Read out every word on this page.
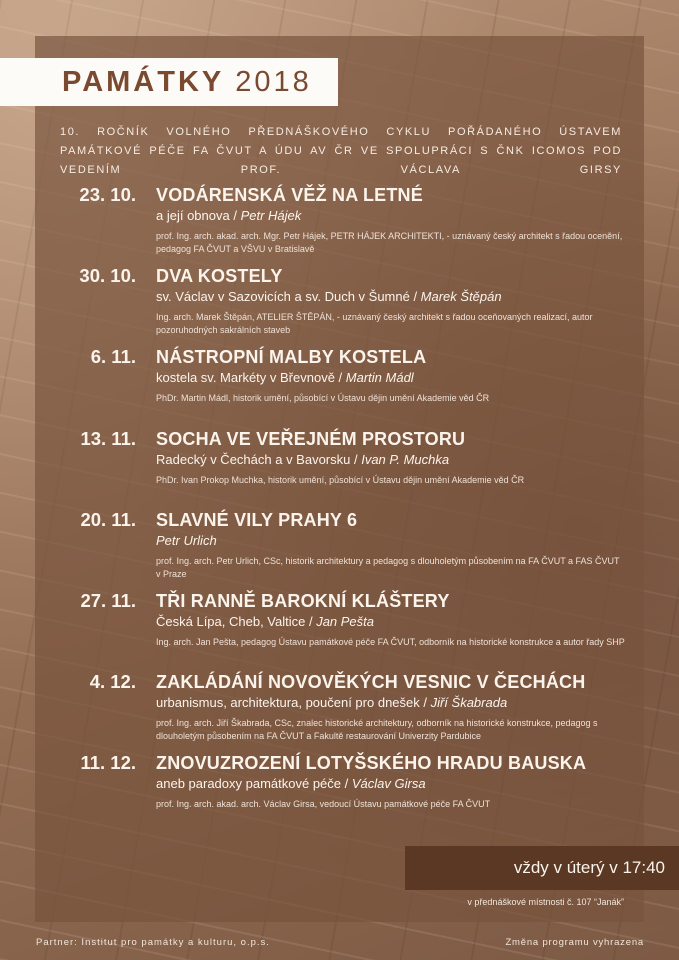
PAMÁTKY 2018

10. ROČNÍK VOLNÉHO PŘEDNÁŠKOVÉHO CYKLU POŘÁDANÉHO ÚSTAVEM PAMÁTKOVÉ PÉČE FA ČVUT A ÚDU AV ČR VE SPOLUPRÁCI S ČNK ICOMOS POD VEDENÍM PROF. VÁCLAVA GIRSY

23. 10. VODÁRENSKÁ VĚŽ NA LETNÉ
a její obnova / Petr Hájek

prof. Ing. arch. akad. arch. Mgr. Petr Hájek, PETR HÁJEK ARCHITEKTI, - uznávaný český architekt s řadou ocenění, pedagog FA ČVUT a VŠVU v Bratislavě

30. 10. DVA KOSTELY
sv. Václav v Sazovicích a sv. Duch v Šumné / Marek Štěpán

Ing. arch. Marek Štěpán, ATELIER ŠTĚPÁN, - uznávaný český architekt s řadou oceňovaných realizací, autor pozoruhodných sakrálních staveb

6. 11. NÁSTROPNÍ MALBY KOSTELA
kostela sv. Markéty v Břevnově / Martin Mádl

PhDr. Martin Mádl, historik umění, působící v Ústavu dějin umění Akademie věd ČR

13. 11. SOCHA VE VEŘEJNÉM PROSTORU
Radecký v Čechách a v Bavorsku / Ivan P. Muchka

PhDr. Ivan Prokop Muchka, historik umění, působící v Ústavu dějin umění Akademie věd ČR

20. 11. SLAVNÉ VILY PRAHY 6
Petr Urlich

prof. Ing. arch. Petr Urlich, CSc, historik architektury a pedagog s dlouholetým působením na FA ČVUT a FAS ČVUT v Praze

27. 11. TŘI RANNĚ BAROKNÍ KLÁŠTERY
Česká Lípa, Cheb, Valtice / Jan Pešta

Ing. arch. Jan Pešta, pedagog Ústavu památkové péče FA ČVUT, odborník na historické konstrukce a autor řady SHP

4. 12. ZAKLÁDÁNÍ NOVOVĚKÝCH VESNIC V ČECHÁCH
urbanismus, architektura, poučení pro dnešek / Jiří Škabrada

prof. Ing. arch. Jiří Škabrada, CSc, znalec historické architektury, odborník na historické konstrukce, pedagog s dlouholetým působením na FA ČVUT a Fakultě restaurování Univerzity Pardubice

11. 12. ZNOVUZROZENÍ LOTYŠSKÉHO HRADU BAUSKA
aneb paradoxy památkové péče / Václav Girsa

prof. Ing. arch. akad. arch. Václav Girsa, vedoucí Ústavu památkové péče FA ČVUT

vždy v úterý v 17:40
v přednáškové místnosti č. 107 “Janák”
Partner: Institut pro památky a kulturu, o.p.s.	Změna programu vyhrazena
